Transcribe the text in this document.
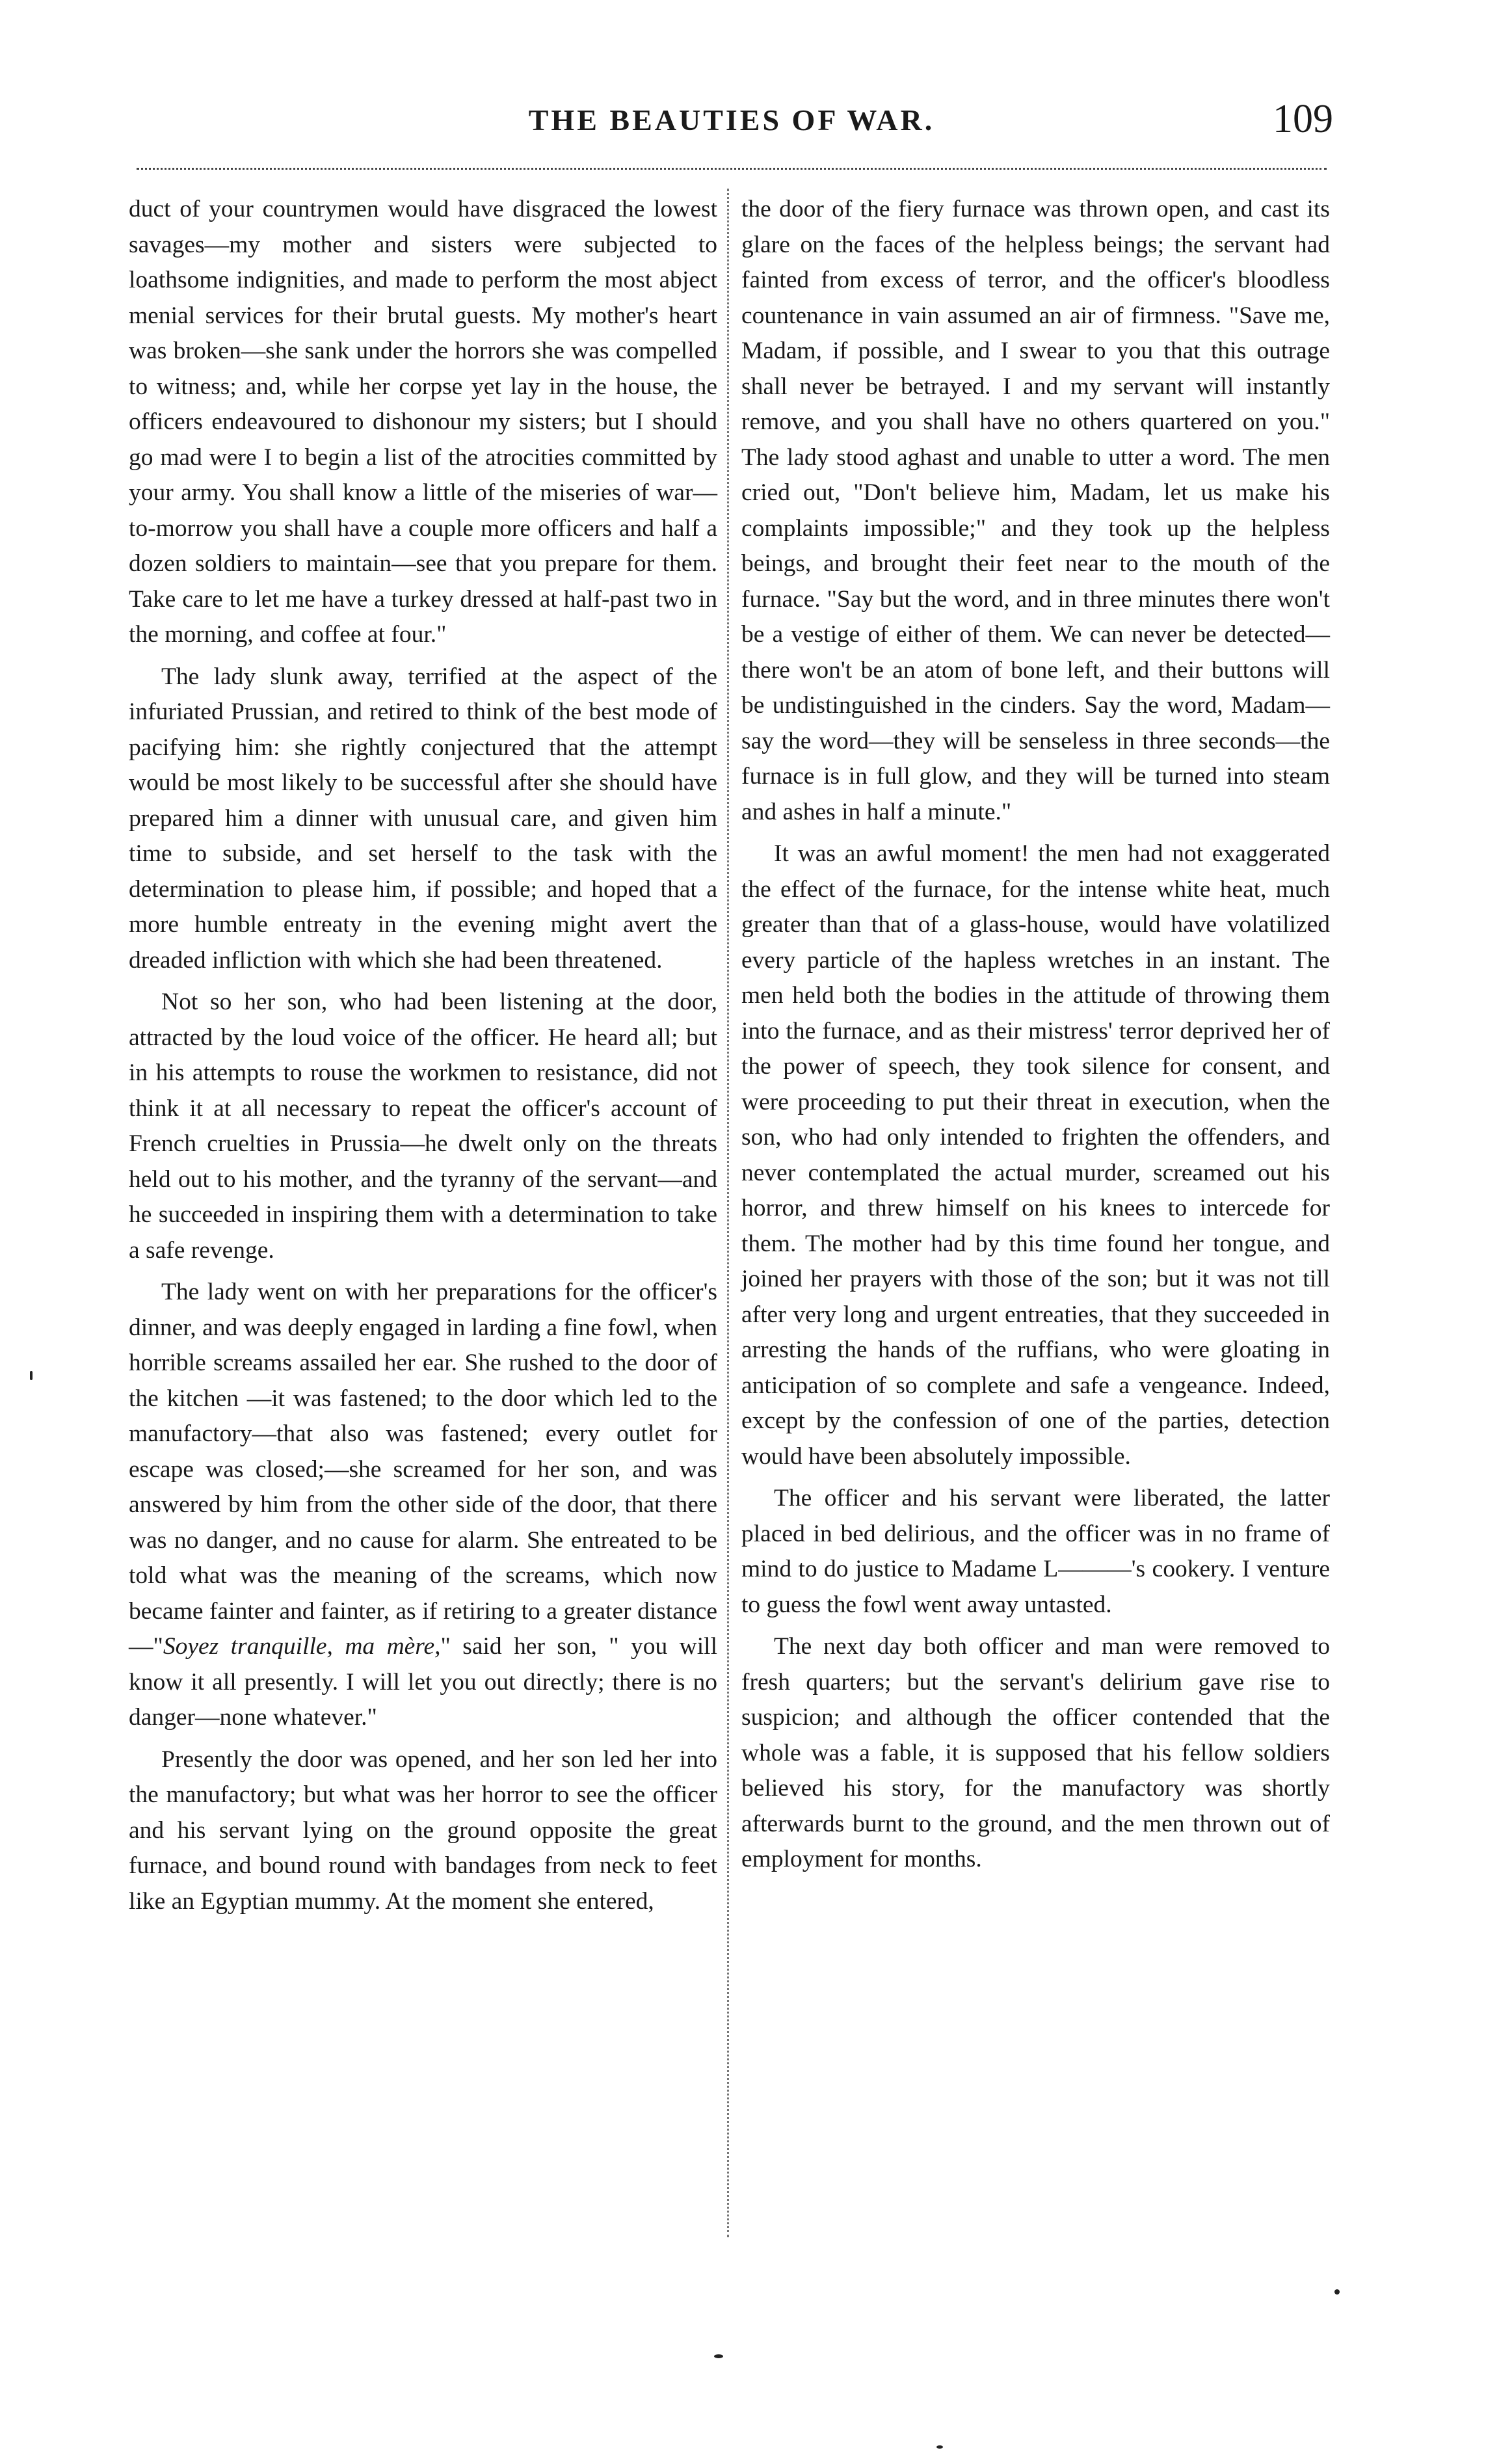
THE BEAUTIES OF WAR.	109

duct of your countrymen would have disgraced the lowest savages—my mother and sisters were subjected to loathsome indignities, and made to perform the most abject menial services for their brutal guests. My mother's heart was broken—she sank under the horrors she was compelled to witness; and, while her corpse yet lay in the house, the officers endeavoured to dishonour my sisters; but I should go mad were I to begin a list of the atrocities committed by your army. You shall know a little of the miseries of war—to-morrow you shall have a couple more officers and half a dozen soldiers to maintain—see that you prepare for them. Take care to let me have a turkey dressed at half-past two in the morning, and coffee at four."

The lady slunk away, terrified at the aspect of the infuriated Prussian, and retired to think of the best mode of pacifying him: she rightly conjectured that the attempt would be most likely to be successful after she should have prepared him a dinner with unusual care, and given him time to subside, and set herself to the task with the determination to please him, if possible; and hoped that a more humble entreaty in the evening might avert the dreaded infliction with which she had been threatened.

Not so her son, who had been listening at the door, attracted by the loud voice of the officer. He heard all; but in his attempts to rouse the workmen to resistance, did not think it at all necessary to repeat the officer's account of French cruelties in Prussia—he dwelt only on the threats held out to his mother, and the tyranny of the servant—and he succeeded in inspiring them with a determination to take a safe revenge.

The lady went on with her preparations for the officer's dinner, and was deeply engaged in larding a fine fowl, when horrible screams assailed her ear. She rushed to the door of the kitchen —it was fastened; to the door which led to the manufactory—that also was fastened; every outlet for escape was closed;—she screamed for her son, and was answered by him from the other side of the door, that there was no danger, and no cause for alarm. She entreated to be told what was the meaning of the screams, which now became fainter and fainter, as if retiring to a greater distance—"Soyez tranquille, ma mère," said her son, " you will know it all presently. I will let you out directly; there is no danger—none whatever."

Presently the door was opened, and her son led her into the manufactory; but what was her horror to see the officer and his servant lying on the ground opposite the great furnace, and bound round with bandages from neck to feet like an Egyptian mummy. At the moment she entered,

the door of the fiery furnace was thrown open, and cast its glare on the faces of the helpless beings; the servant had fainted from excess of terror, and the officer's bloodless countenance in vain assumed an air of firmness. "Save me, Madam, if possible, and I swear to you that this outrage shall never be betrayed. I and my servant will instantly remove, and you shall have no others quartered on you." The lady stood aghast and unable to utter a word. The men cried out, "Don't believe him, Madam, let us make his complaints impossible;" and they took up the helpless beings, and brought their feet near to the mouth of the furnace. "Say but the word, and in three minutes there won't be a vestige of either of them. We can never be detected—there won't be an atom of bone left, and their buttons will be undistinguished in the cinders. Say the word, Madam—say the word—they will be senseless in three seconds—the furnace is in full glow, and they will be turned into steam and ashes in half a minute."

It was an awful moment! the men had not exaggerated the effect of the furnace, for the intense white heat, much greater than that of a glass-house, would have volatilized every particle of the hapless wretches in an instant. The men held both the bodies in the attitude of throwing them into the furnace, and as their mistress' terror deprived her of the power of speech, they took silence for consent, and were proceeding to put their threat in execution, when the son, who had only intended to frighten the offenders, and never contemplated the actual murder, screamed out his horror, and threw himself on his knees to intercede for them. The mother had by this time found her tongue, and joined her prayers with those of the son; but it was not till after very long and urgent entreaties, that they succeeded in arresting the hands of the ruffians, who were gloating in anticipation of so complete and safe a vengeance. Indeed, except by the confession of one of the parties, detection would have been absolutely impossible.

The officer and his servant were liberated, the latter placed in bed delirious, and the officer was in no frame of mind to do justice to Madame L———'s cookery. I venture to guess the fowl went away untasted.

The next day both officer and man were removed to fresh quarters; but the servant's delirium gave rise to suspicion; and although the officer contended that the whole was a fable, it is supposed that his fellow soldiers believed his story, for the manufactory was shortly afterwards burnt to the ground, and the men thrown out of employment for months.
